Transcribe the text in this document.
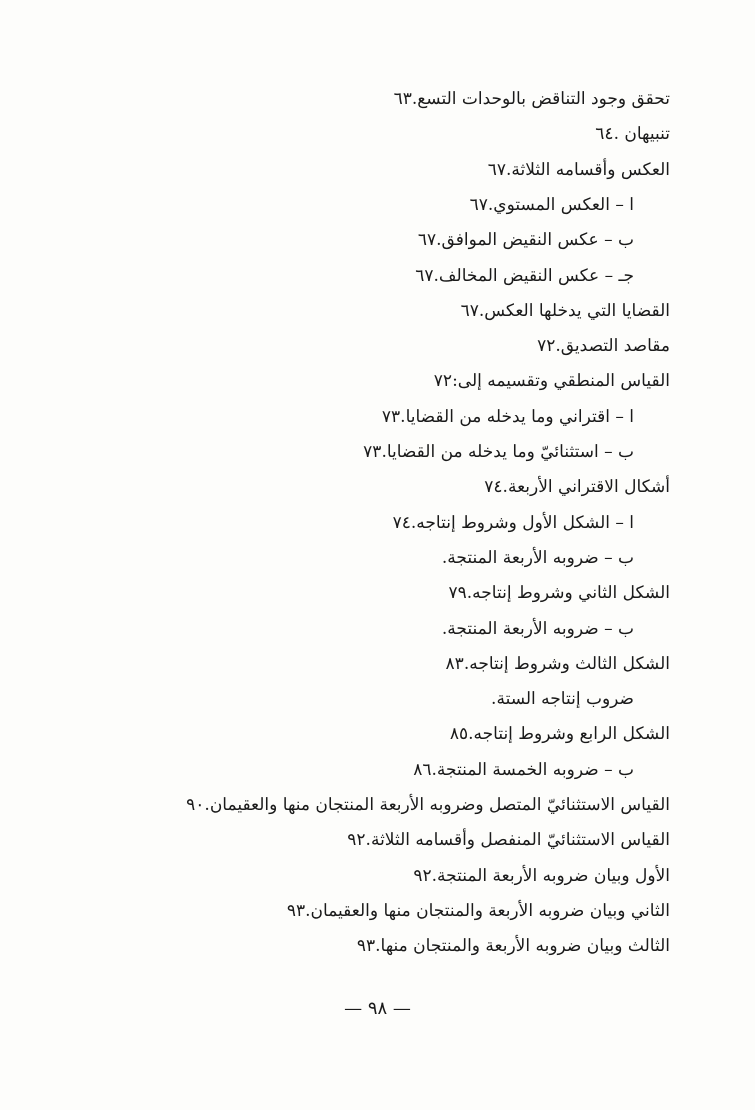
٦٣ تحقق وجود التناقض بالوحدات التسع.
٦٤ تنبيهان .
٦٧ العكس وأقسامه الثلاثة.
٦٧ ا – العكس المستوي.
٦٧ ب – عكس النقيض الموافق.
٦٧ جـ – عكس النقيض المخالف.
٦٧ القضايا التي يدخلها العكس.
٧٢ مقاصد التصديق.
٧٢ القياس المنطقي وتقسيمه إلى:
٧٣ ا – اقتراني وما يدخله من القضايا.
٧٣ ب – استثنائيّ وما يدخله من القضايا.
٧٤ أشكال الاقتراني الأربعة.
٧٤ ا – الشكل الأول وشروط إنتاجه.
ب – ضروبه الأربعة المنتجة.
٧٩ الشكل الثاني وشروط إنتاجه.
ب – ضروبه الأربعة المنتجة.
٨٣ الشكل الثالث وشروط إنتاجه.
ضروب إنتاجه الستة.
٨٥ الشكل الرابع وشروط إنتاجه.
٨٦ ب – ضروبه الخمسة المنتجة.
٩٠ القياس الاستثنائيّ المتصل وضروبه الأربعة المنتجان منها والعقيمان.
٩٢ القياس الاستثنائيّ المنفصل وأقسامه الثلاثة.
٩٢ الأول وبيان ضروبه الأربعة المنتجة.
٩٣ الثاني وبيان ضروبه الأربعة والمنتجان منها والعقيمان.
٩٣ الثالث وبيان ضروبه الأربعة والمنتجان منها.
— ٩٨ —
